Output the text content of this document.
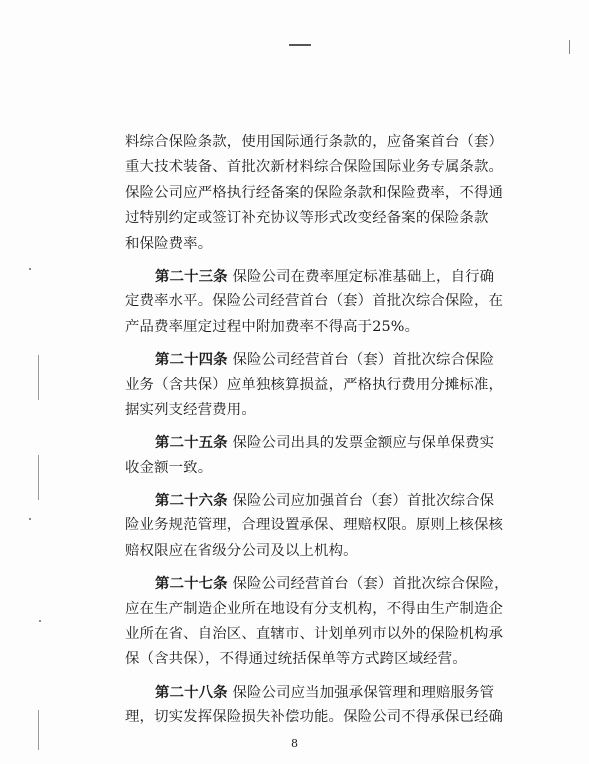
料综合保险条款，使用国际通行条款的，应备案首台（套）
重大技术装备、首批次新材料综合保险国际业务专属条款。
保险公司应严格执行经备案的保险条款和保险费率，不得通
过特别约定或签订补充协议等形式改变经备案的保险条款
和保险费率。
第二十三条 保险公司在费率厘定标准基础上，自行确
定费率水平。保险公司经营首台（套）首批次综合保险，在
产品费率厘定过程中附加费率不得高于25%。
第二十四条 保险公司经营首台（套）首批次综合保险
业务（含共保）应单独核算损益，严格执行费用分摊标准，
据实列支经营费用。
第二十五条 保险公司出具的发票金额应与保单保费实
收金额一致。
第二十六条 保险公司应加强首台（套）首批次综合保
险业务规范管理，合理设置承保、理赔权限。原则上核保核
赔权限应在省级分公司及以上机构。
第二十七条 保险公司经营首台（套）首批次综合保险，
应在生产制造企业所在地设有分支机构，不得由生产制造企
业所在省、自治区、直辖市、计划单列市以外的保险机构承
保（含共保），不得通过统括保单等方式跨区域经营。
第二十八条 保险公司应当加强承保管理和理赔服务管
理，切实发挥保险损失补偿功能。保险公司不得承保已经确
8
